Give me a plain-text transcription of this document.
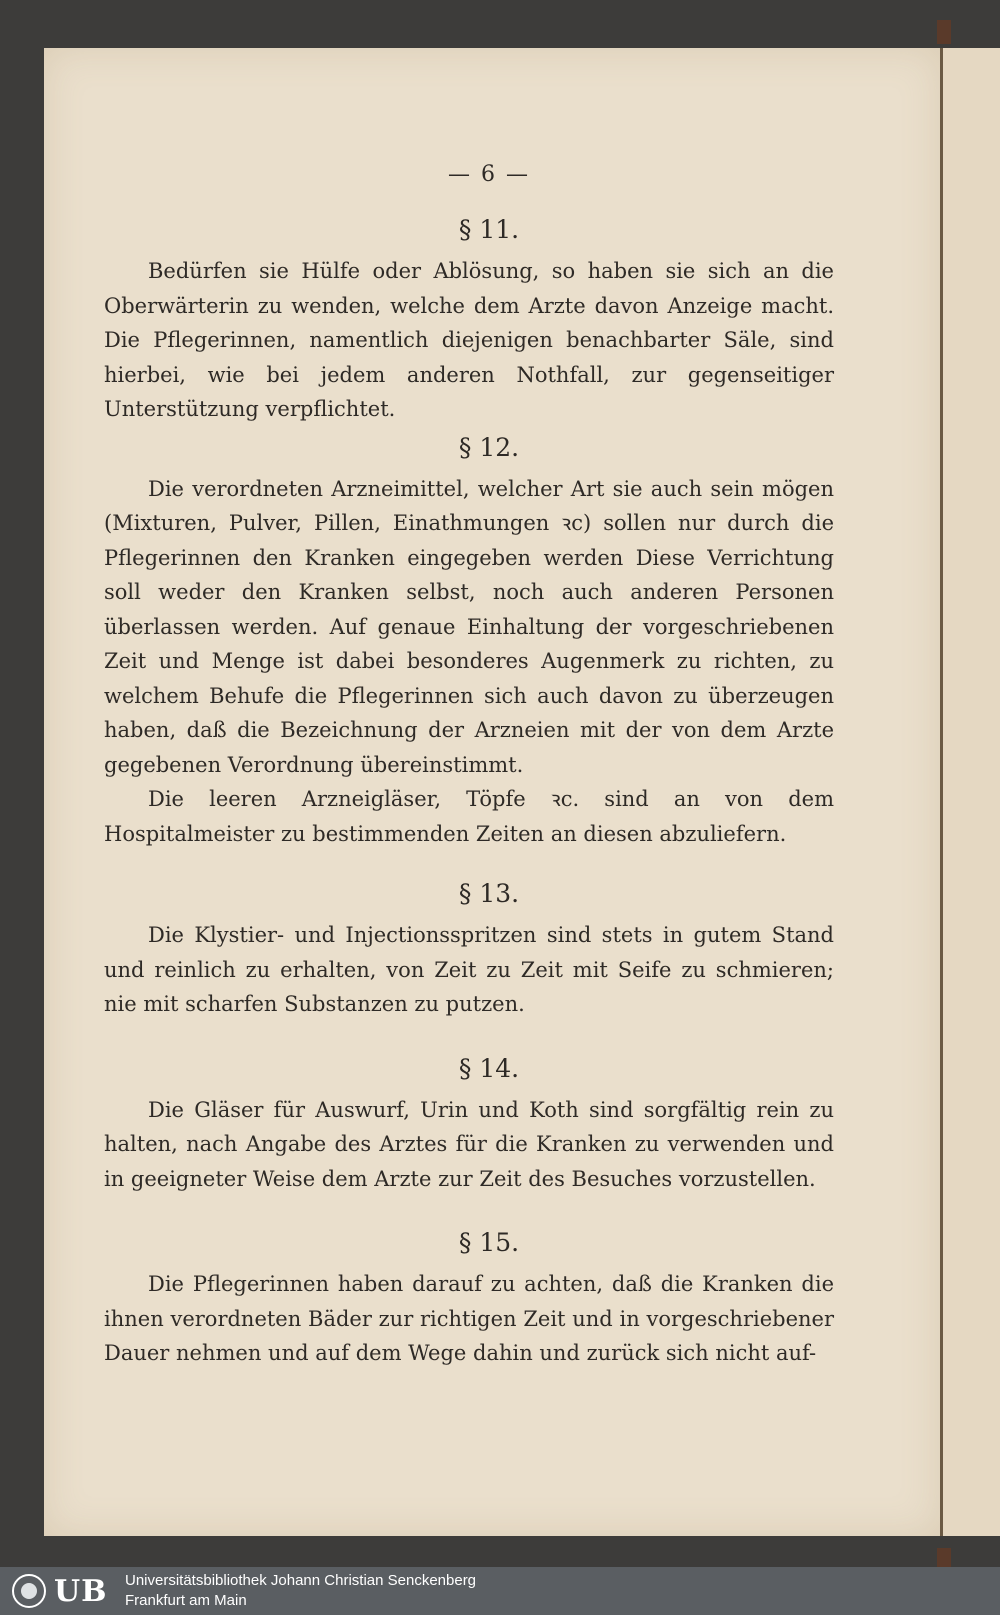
— 6 —
§ 11.

Bedürfen sie Hülfe oder Ablösung, so haben sie sich an die Oberwärterin zu wenden, welche dem Arzte davon Anzeige macht. Die Pflegerinnen, namentlich diejenigen benachbarter Säle, sind hierbei, wie bei jedem anderen Nothfall, zur gegenseitiger Unterstützung verpflichtet.

§ 12.

Die verordneten Arzneimittel, welcher Art sie auch sein mögen (Mixturen, Pulver, Pillen, Einathmungen ꝛc) sollen nur durch die Pflegerinnen den Kranken eingegeben werden Diese Verrichtung soll weder den Kranken selbst, noch auch anderen Personen überlassen werden. Auf genaue Einhaltung der vorgeschriebenen Zeit und Menge ist dabei besonderes Augenmerk zu richten, zu welchem Behufe die Pflegerinnen sich auch davon zu überzeugen haben, daß die Bezeichnung der Arzneien mit der von dem Arzte gegebenen Verordnung übereinstimmt.

Die leeren Arzneigläser, Töpfe ꝛc. sind an von dem Hospitalmeister zu bestimmenden Zeiten an diesen abzuliefern.

§ 13.

Die Klystier- und Injectionsspritzen sind stets in gutem Stand und reinlich zu erhalten, von Zeit zu Zeit mit Seife zu schmieren; nie mit scharfen Substanzen zu putzen.

§ 14.

Die Gläser für Auswurf, Urin und Koth sind sorgfältig rein zu halten, nach Angabe des Arztes für die Kranken zu verwenden und in geeigneter Weise dem Arzte zur Zeit des Besuches vorzustellen.

§ 15.

Die Pflegerinnen haben darauf zu achten, daß die Kranken die ihnen verordneten Bäder zur richtigen Zeit und in vorgeschriebener Dauer nehmen und auf dem Wege dahin und zurück sich nicht auf-

UB Universitätsbibliothek Johann Christian Senckenberg
Frankfurt am Main
